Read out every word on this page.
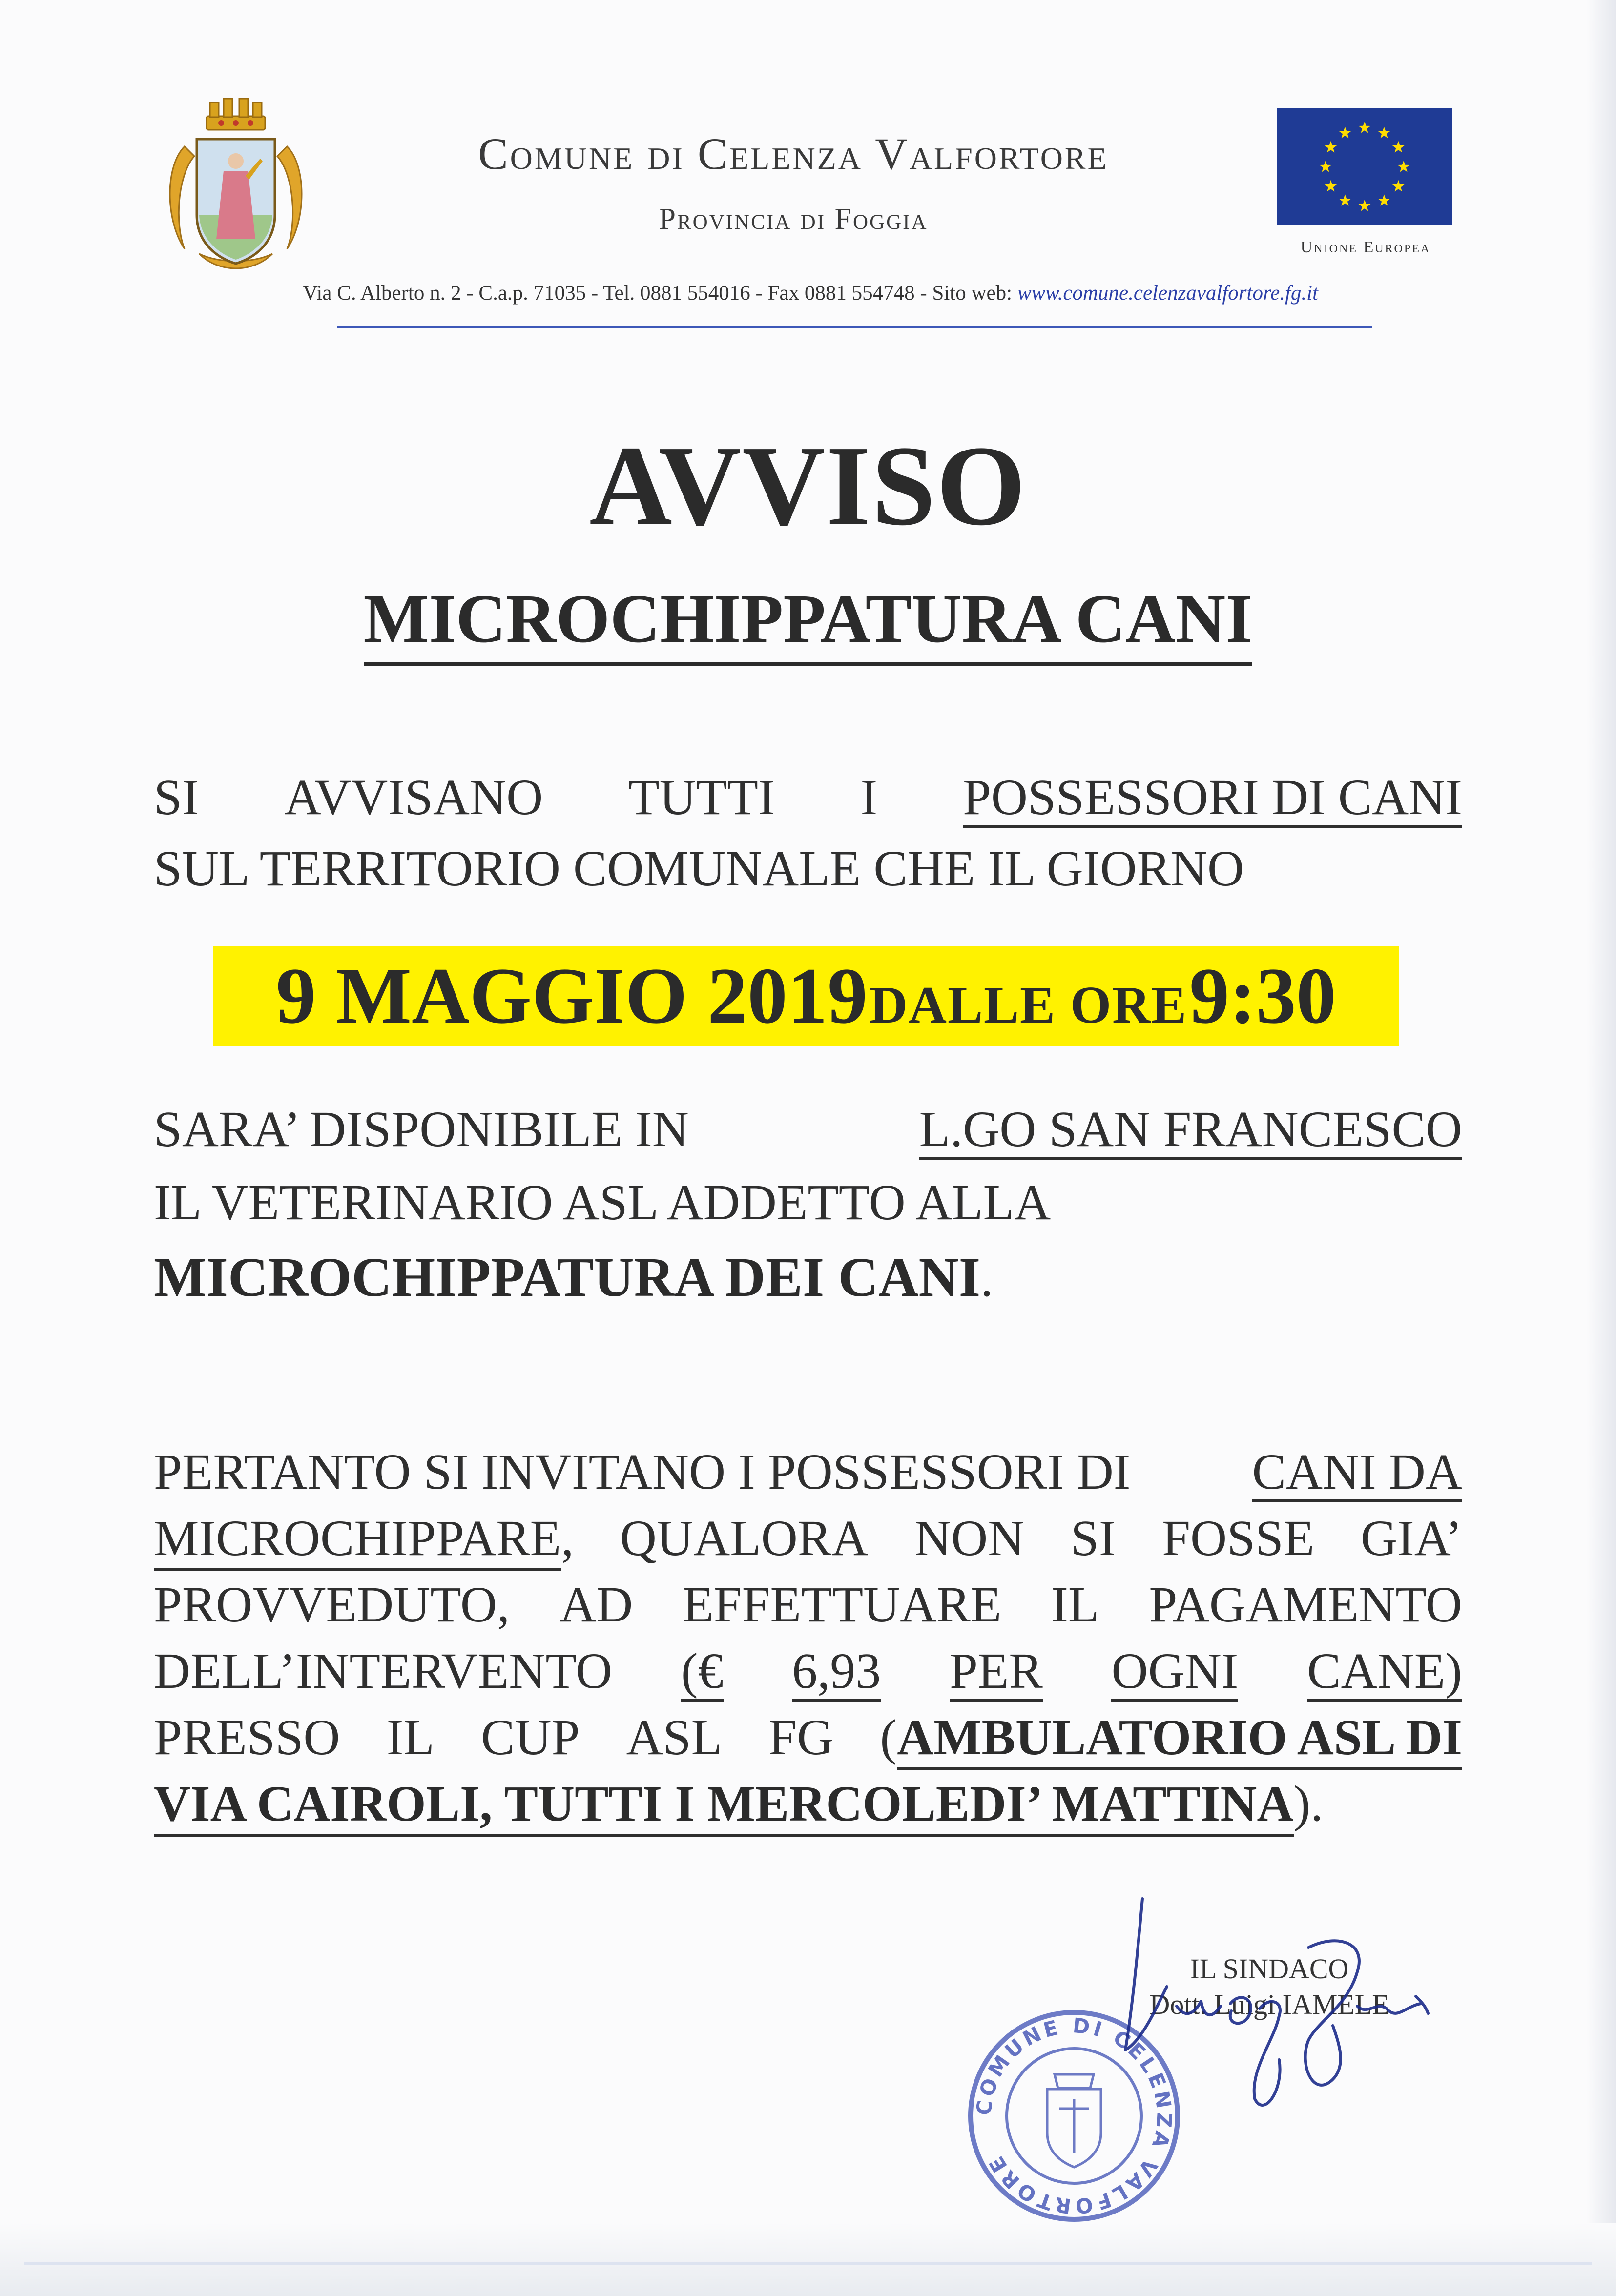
Comune di Celenza Valfortore
Provincia di Foggia
Unione Europea
Via C. Alberto n. 2 - C.a.p. 71035 - Tel. 0881 554016 - Fax 0881 554748 - Sito web: www.comune.celenzavalfortore.fg.it
AVVISO
MICROCHIPPATURA CANI
SI AVVISANO TUTTI I POSSESSORI DI CANI
SUL TERRITORIO COMUNALE CHE IL GIORNO
9 MAGGIO 2019 DALLE ORE 9:30
SARA’ DISPONIBILE IN	L.GO SAN FRANCESCO
IL VETERINARIO ASL ADDETTO ALLA
MICROCHIPPATURA DEI CANI.
PERTANTO SI INVITANO I POSSESSORI DI CANI DA
MICROCHIPPARE, QUALORA NON SI FOSSE GIA’
PROVVEDUTO, AD EFFETTUARE IL PAGAMENTO
DELL’INTERVENTO (€ 6,93 PER OGNI CANE)
PRESSO IL CUP ASL FG (AMBULATORIO ASL DI
VIA CAIROLI, TUTTI I MERCOLEDI’ MATTINA).
COMUNE DI CELENZA VALFORTORE
IL SINDACO
Dott. Luigi IAMELE
